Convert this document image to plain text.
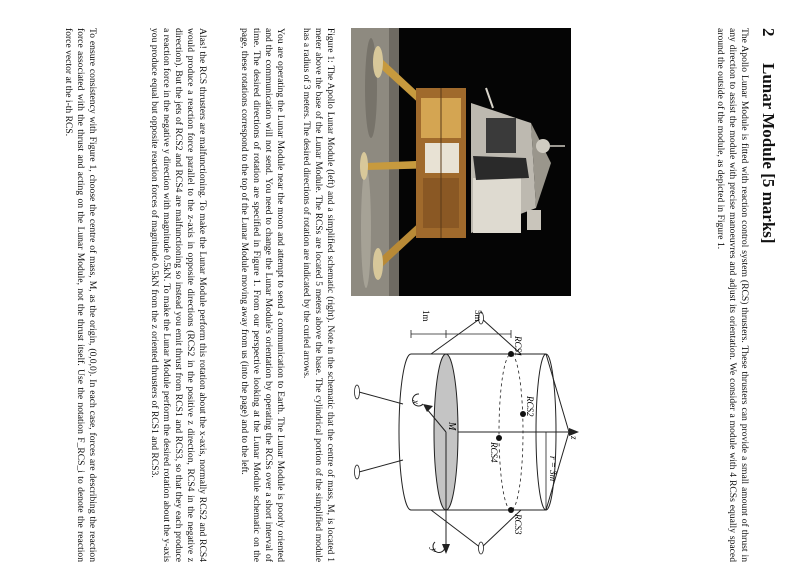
2  Lunar Module [5 marks]

The Apollo Lunar Module is fitted with reaction control system (RCS) thrusters. These thrusters can provide a small amount of thrust in any direction to assist the module with precise manoeuvres and adjust its orientation. We consider a module with 4 RCSs equally spaced around the outside of the module, as depicted in Figure 1.

RCS1
RCS3
RCS2
RCS4
M
r = 3m
z
x
y
1m	5m
Figure 1: The Apollo Lunar Module (left) and a simplified schematic (right). Note in the schematic that the centre of mass, M, is located 1 meter above the base of the Lunar Module. The RCSs are located 5 meters above the base. The cylindrical portion of the simplified module has a radius of 3 meters. The desired directions of rotation are indicated by the curled arrows.

You are operating the Lunar Module near the moon and attempt to send a communication to Earth. The Lunar Module is poorly oriented and the communication will not send. You need to change the Lunar Module's orientation by operating the RCSs over a short interval of time. The desired directions of rotation are specified in Figure 1. From our perspective looking at the Lunar Module schematic on the page, these rotations correspond to the top of the Lunar Module moving away from us (into the page) and to the left.

Alas! the RCS thrusters are malfunctioning. To make the Lunar Module perform this rotation about the x-axis, normally RCS2 and RCS4 would produce a reaction force parallel to the z-axis in opposite directions (RCS2 in the positive z direction, RCS4 in the negative z direction). But the jets of RCS2 and RCS4 are malfunctioning so instead you emit thrust from RCS1 and RCS3, so that they each produce a reaction force in the negative y direction with magnitude 0.5kN. To make the Lunar Module perform the desired rotation about the y-axis you produce equal but opposite reaction forces of magnitude 0.5kN from the z oriented thrusters of RCS1 and RCS3.

To ensure consistency with Figure 1, choose the centre of mass, M, as the origin, (0,0,0). In each case, forces are describing the reaction force associated with the thrust and acting on the Lunar Module, not the thrust itself. Use the notation F_RCS_i to denote the reaction force vector at the i-th RCS.
